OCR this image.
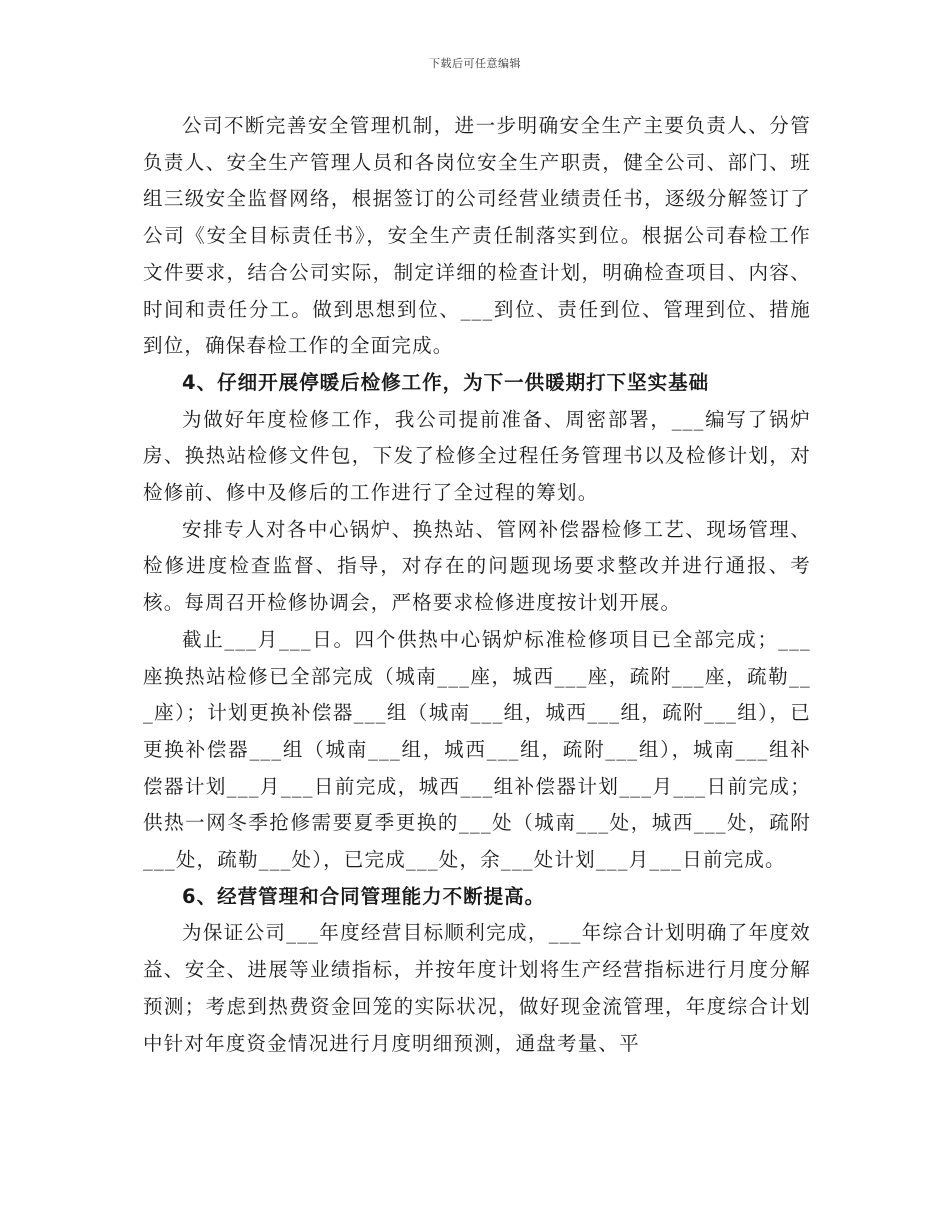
下载后可任意编辑

公司不断完善安全管理机制，进一步明确安全生产主要负责人、分管负责人、安全生产管理人员和各岗位安全生产职责，健全公司、部门、班组三级安全监督网络，根据签订的公司经营业绩责任书，逐级分解签订了公司《安全目标责任书》，安全生产责任制落实到位。根据公司春检工作文件要求，结合公司实际，制定详细的检查计划，明确检查项目、内容、时间和责任分工。做到思想到位、___到位、责任到位、管理到位、措施到位，确保春检工作的全面完成。

4、仔细开展停暖后检修工作，为下一供暖期打下坚实基础

为做好年度检修工作，我公司提前准备、周密部署，___编写了锅炉房、换热站检修文件包，下发了检修全过程任务管理书以及检修计划，对检修前、修中及修后的工作进行了全过程的筹划。

安排专人对各中心锅炉、换热站、管网补偿器检修工艺、现场管理、检修进度检查监督、指导，对存在的问题现场要求整改并进行通报、考核。每周召开检修协调会，严格要求检修进度按计划开展。

截止___月___日。四个供热中心锅炉标准检修项目已全部完成；___座换热站检修已全部完成（城南___座，城西___座，疏附___座，疏勒___座）；计划更换补偿器___组（城南___组，城西___组，疏附___组），已更换补偿器___组（城南___组，城西___组，疏附___组），城南___组补偿器计划___月___日前完成，城西___组补偿器计划___月___日前完成；供热一网冬季抢修需要夏季更换的___处（城南___处，城西___处，疏附___处，疏勒___处），已完成___处，余___处计划___月___日前完成。

6、经营管理和合同管理能力不断提高。

为保证公司___年度经营目标顺利完成，___年综合计划明确了年度效益、安全、进展等业绩指标，并按年度计划将生产经营指标进行月度分解预测；考虑到热费资金回笼的实际状况，做好现金流管理，年度综合计划中针对年度资金情况进行月度明细预测，通盘考量、平
